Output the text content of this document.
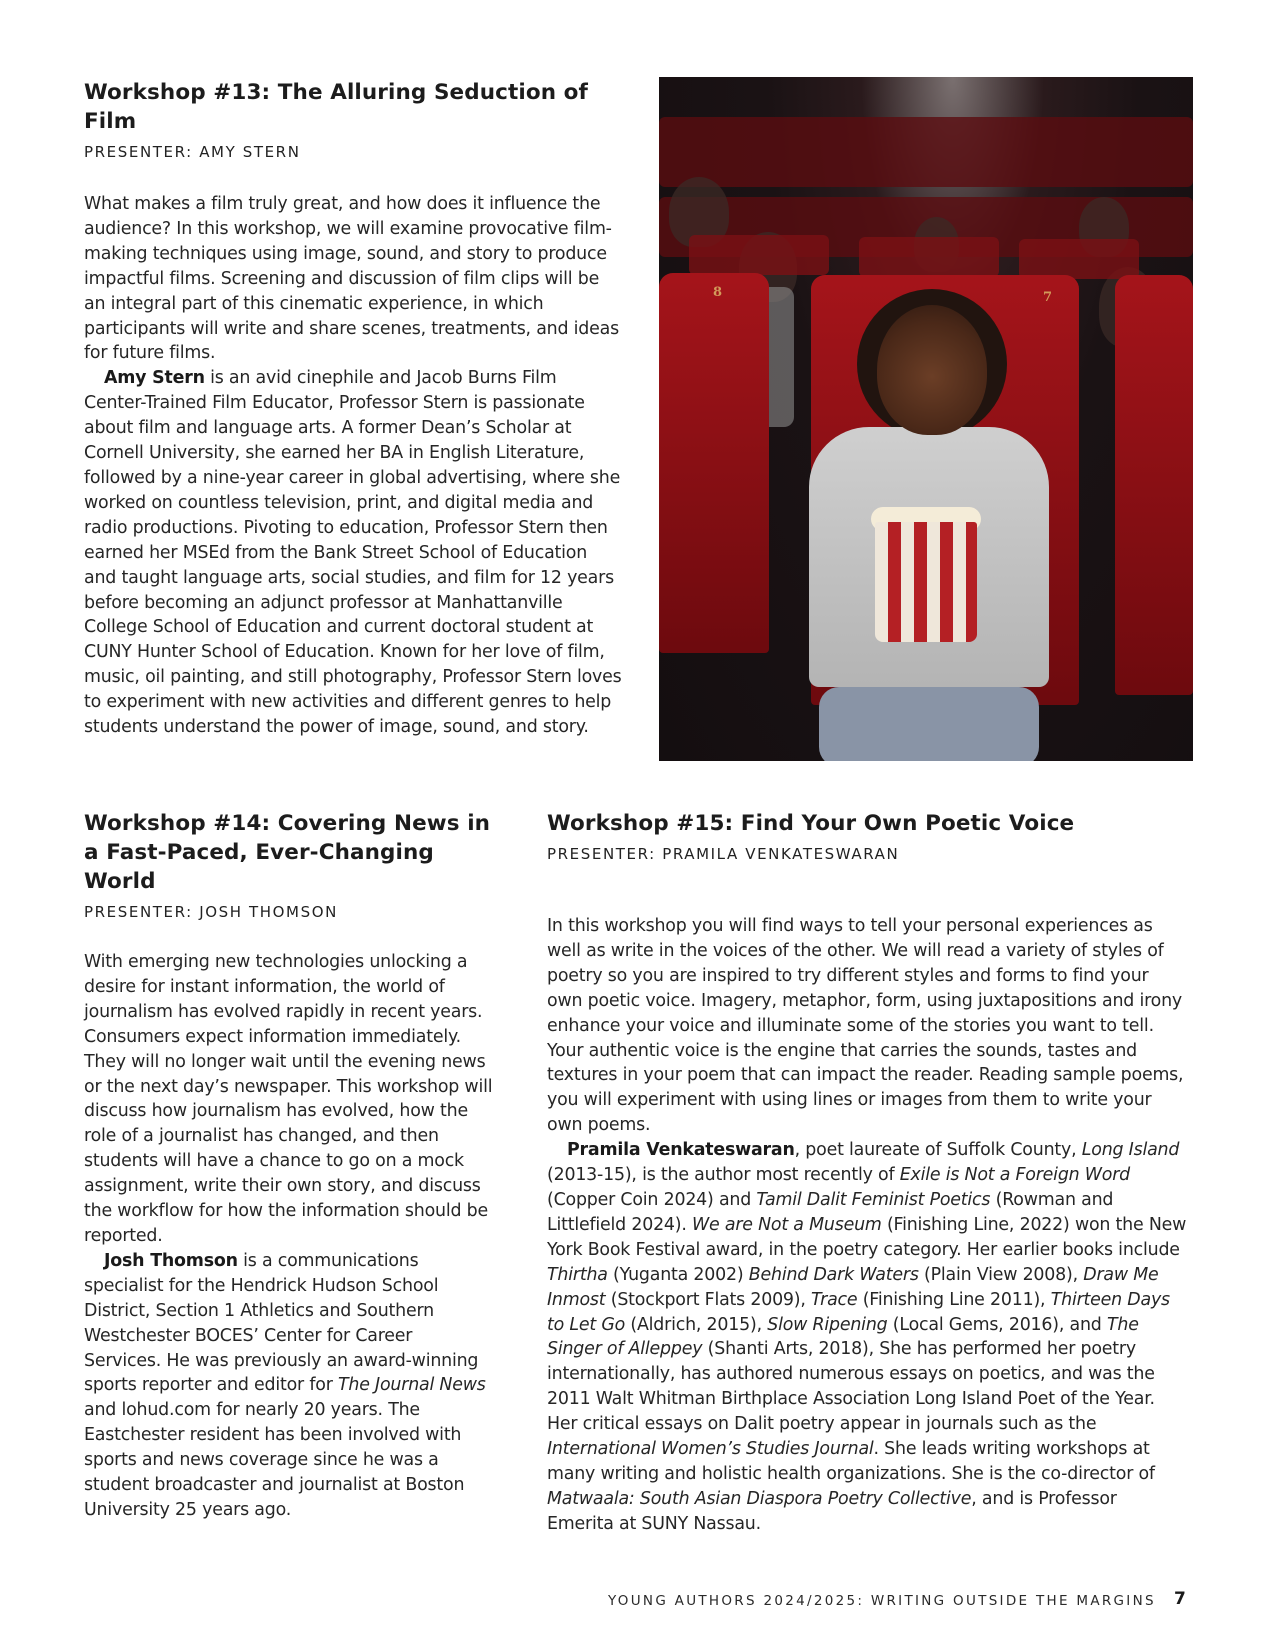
Workshop #13: The Alluring Seduction of Film
PRESENTER: AMY STERN

What makes a film truly great, and how does it influence the audience? In this workshop, we will examine provocative film-making techniques using image, sound, and story to produce impactful films. Screening and discussion of film clips will be an integral part of this cinematic experience, in which participants will write and share scenes, treatments, and ideas for future films.

Amy Stern is an avid cinephile and Jacob Burns Film Center-Trained Film Educator, Professor Stern is passionate about film and language arts. A former Dean’s Scholar at Cornell University, she earned her BA in English Literature, followed by a nine-year career in global advertising, where she worked on countless television, print, and digital media and radio productions. Pivoting to education, Professor Stern then earned her MSEd from the Bank Street School of Education and taught language arts, social studies, and film for 12 years before becoming an adjunct professor at Manhattanville College School of Education and current doctoral student at CUNY Hunter School of Education. Known for her love of film, music, oil painting, and still photography, Professor Stern loves to experiment with new activities and different genres to help students understand the power of image, sound, and story.

8	7
Workshop #14: Covering News in a Fast-Paced, Ever-Changing World
PRESENTER: JOSH THOMSON

With emerging new technologies unlocking a desire for instant information, the world of journalism has evolved rapidly in recent years. Consumers expect information immediately. They will no longer wait until the evening news or the next day’s newspaper. This workshop will discuss how journalism has evolved, how the role of a journalist has changed, and then students will have a chance to go on a mock assignment, write their own story, and discuss the workflow for how the information should be reported.

Josh Thomson is a communications specialist for the Hendrick Hudson School District, Section 1 Athletics and Southern Westchester BOCES’ Center for Career Services. He was previously an award-winning sports reporter and editor for The Journal News and lohud.com for nearly 20 years. The Eastchester resident has been involved with sports and news coverage since he was a student broadcaster and journalist at Boston University 25 years ago.

Workshop #15: Find Your Own Poetic Voice
PRESENTER: PRAMILA VENKATESWARAN

In this workshop you will find ways to tell your personal experiences as well as write in the voices of the other. We will read a variety of styles of poetry so you are inspired to try different styles and forms to find your own poetic voice. Imagery, metaphor, form, using juxtapositions and irony enhance your voice and illuminate some of the stories you want to tell. Your authentic voice is the engine that carries the sounds, tastes and textures in your poem that can impact the reader. Reading sample poems, you will experiment with using lines or images from them to write your own poems.

Pramila Venkateswaran, poet laureate of Suffolk County, Long Island (2013-15), is the author most recently of Exile is Not a Foreign Word (Copper Coin 2024) and Tamil Dalit Feminist Poetics (Rowman and Littlefield 2024). We are Not a Museum (Finishing Line, 2022) won the New York Book Festival award, in the poetry category. Her earlier books include Thirtha (Yuganta 2002) Behind Dark Waters (Plain View 2008), Draw Me Inmost (Stockport Flats 2009), Trace (Finishing Line 2011), Thirteen Days to Let Go (Aldrich, 2015), Slow Ripening (Local Gems, 2016), and The Singer of Alleppey (Shanti Arts, 2018), She has performed her poetry internationally, has authored numerous essays on poetics, and was the 2011 Walt Whitman Birthplace Association Long Island Poet of the Year. Her critical essays on Dalit poetry appear in journals such as the International Women’s Studies Journal. She leads writing workshops at many writing and holistic health organizations. She is the co-director of Matwaala: South Asian Diaspora Poetry Collective, and is Professor Emerita at SUNY Nassau.

YOUNG AUTHORS 2024/2025: WRITING OUTSIDE THE MARGINS 7
